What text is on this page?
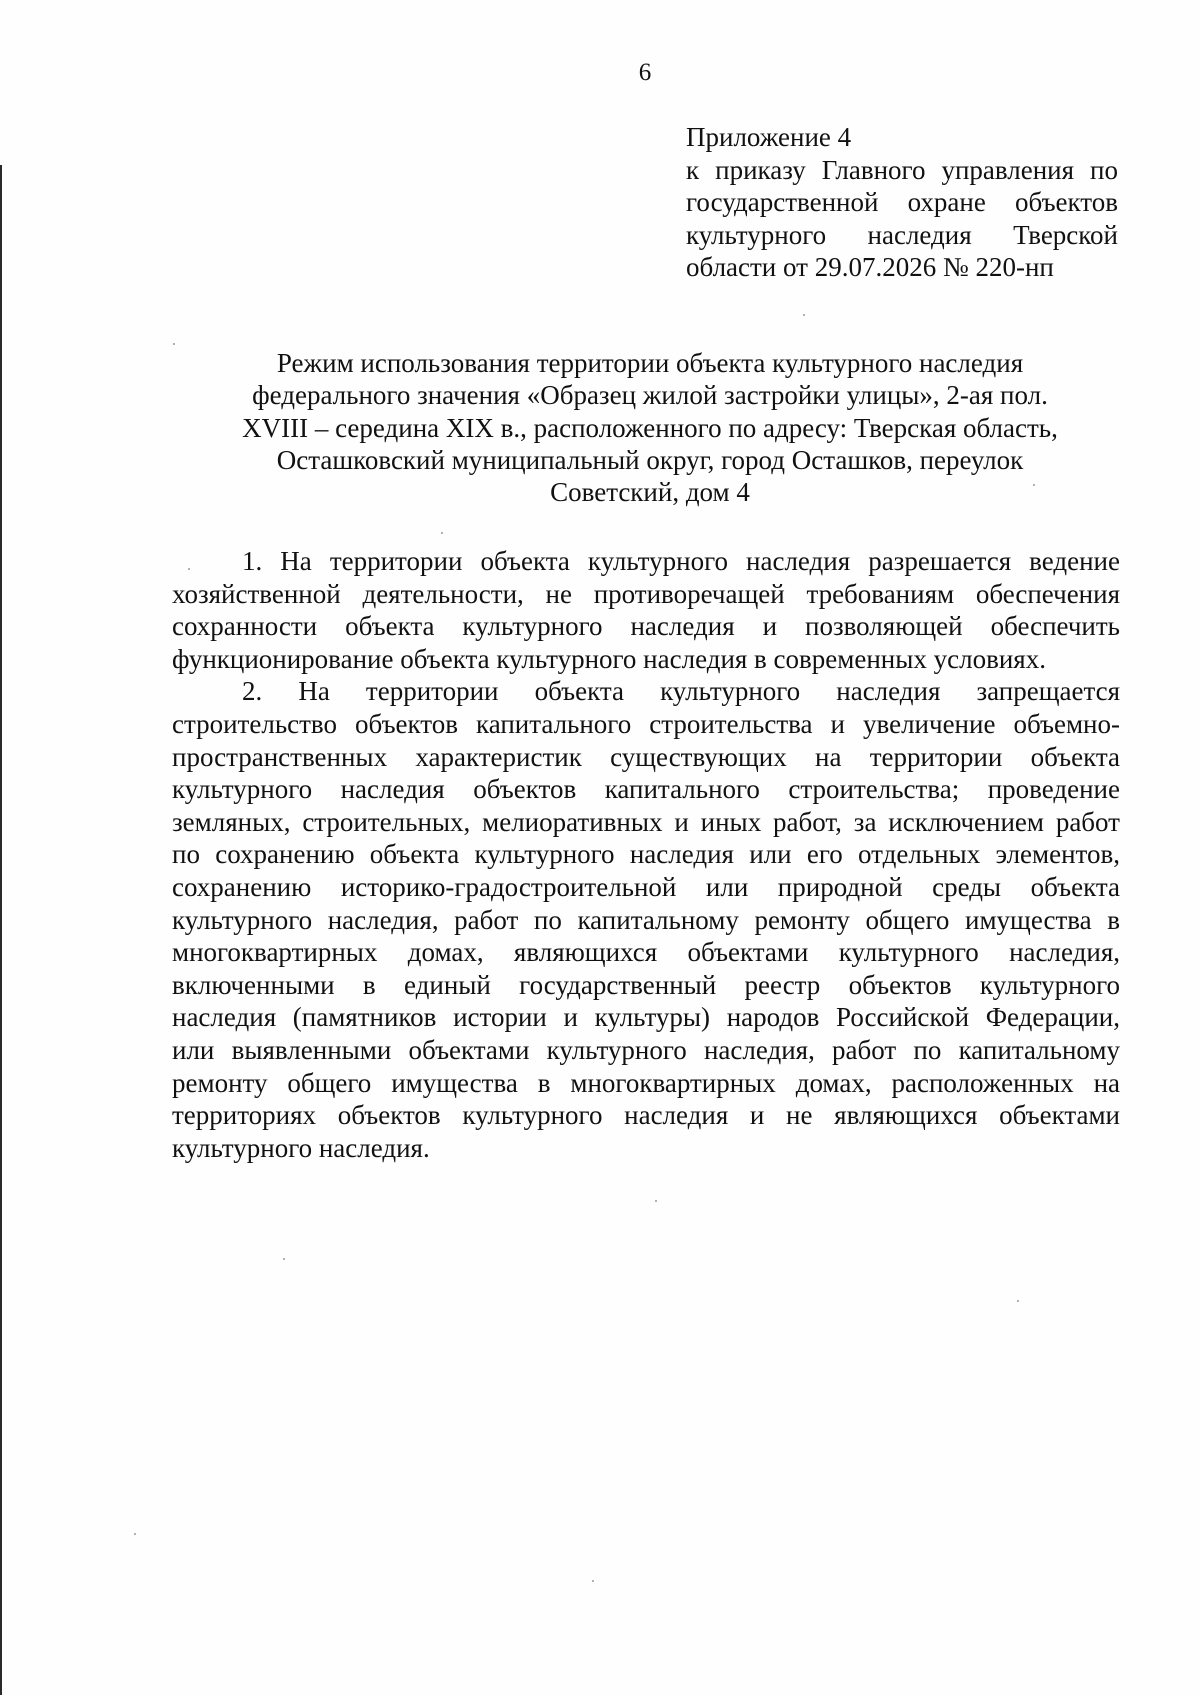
6
Приложение 4
к приказу Главного управления по
государственной охране объектов
культурного наследия Тверской
области от 29.07.2026 № 220-нп
Режим использования территории объекта культурного наследия
федерального значения «Образец жилой застройки улицы», 2-ая пол.
XVIII – середина XIX в., расположенного по адресу: Тверская область,
Осташковский муниципальный округ, город Осташков, переулок
Советский, дом 4
1. На территории объекта культурного наследия разрешается ведение
хозяйственной деятельности, не противоречащей требованиям обеспечения
сохранности объекта культурного наследия и позволяющей обеспечить
функционирование объекта культурного наследия в современных условиях.
2. На территории объекта культурного наследия запрещается
строительство объектов капитального строительства и увеличение объемно-
пространственных характеристик существующих на территории объекта
культурного наследия объектов капитального строительства; проведение
земляных, строительных, мелиоративных и иных работ, за исключением работ
по сохранению объекта культурного наследия или его отдельных элементов,
сохранению историко-градостроительной или природной среды объекта
культурного наследия, работ по капитальному ремонту общего имущества в
многоквартирных домах, являющихся объектами культурного наследия,
включенными в единый государственный реестр объектов культурного
наследия (памятников истории и культуры) народов Российской Федерации,
или выявленными объектами культурного наследия, работ по капитальному
ремонту общего имущества в многоквартирных домах, расположенных на
территориях объектов культурного наследия и не являющихся объектами
культурного наследия.
